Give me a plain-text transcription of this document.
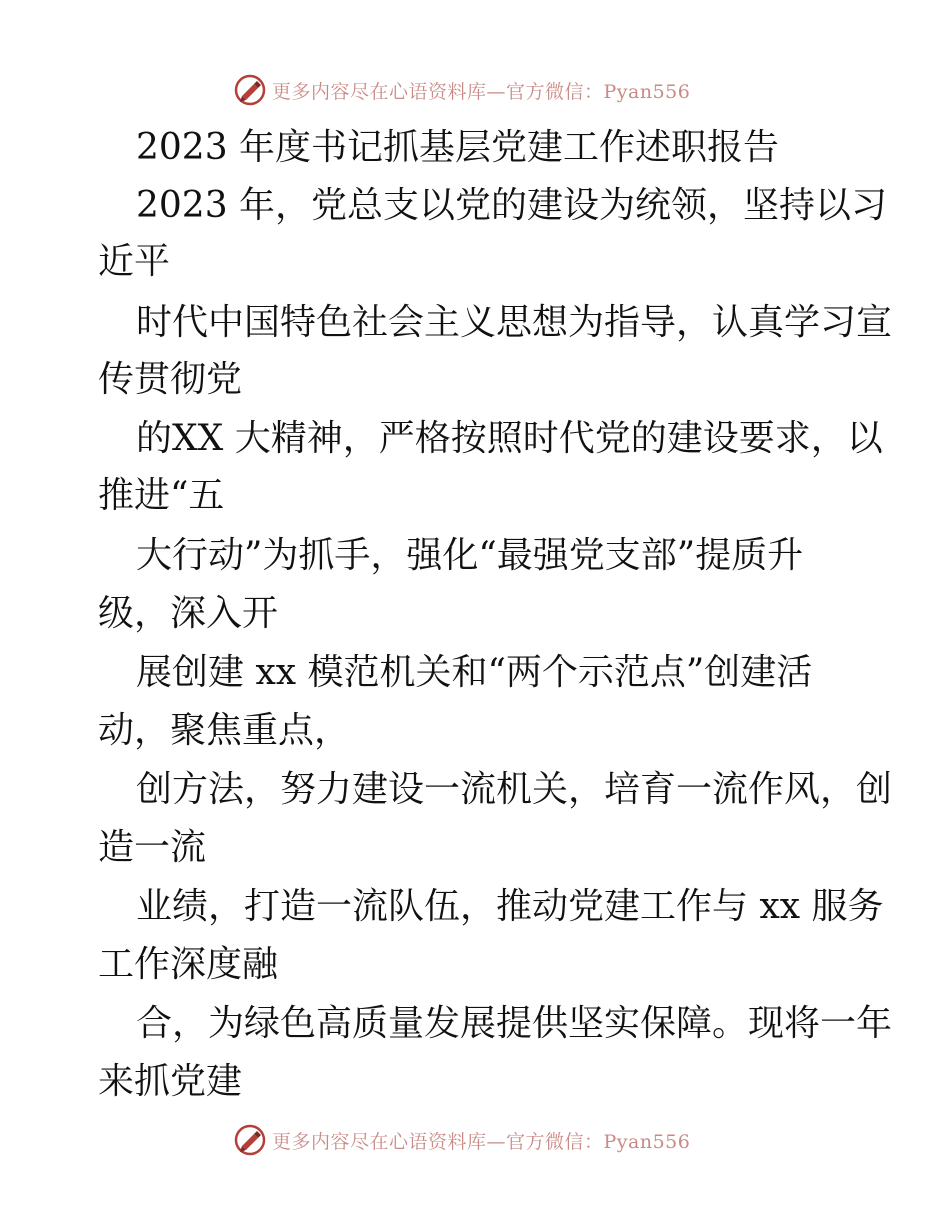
更多内容尽在心语资料库—官方微信：Pyan556
2023 年度书记抓基层党建工作述职报告
2023 年，党总支以党的建设为统领，坚持以习
近平
时代中国特色社会主义思想为指导，认真学习宣
传贯彻党
的XX 大精神，严格按照时代党的建设要求，以
推进“五
大行动”为抓手，强化“最强党支部”提质升
级，深入开
展创建 xx 模范机关和“两个示范点”创建活
动，聚焦重点，
创方法，努力建设一流机关，培育一流作风，创
造一流
业绩，打造一流队伍，推动党建工作与 xx 服务
工作深度融
合，为绿色高质量发展提供坚实保障。现将一年
来抓党建
更多内容尽在心语资料库—官方微信：Pyan556
